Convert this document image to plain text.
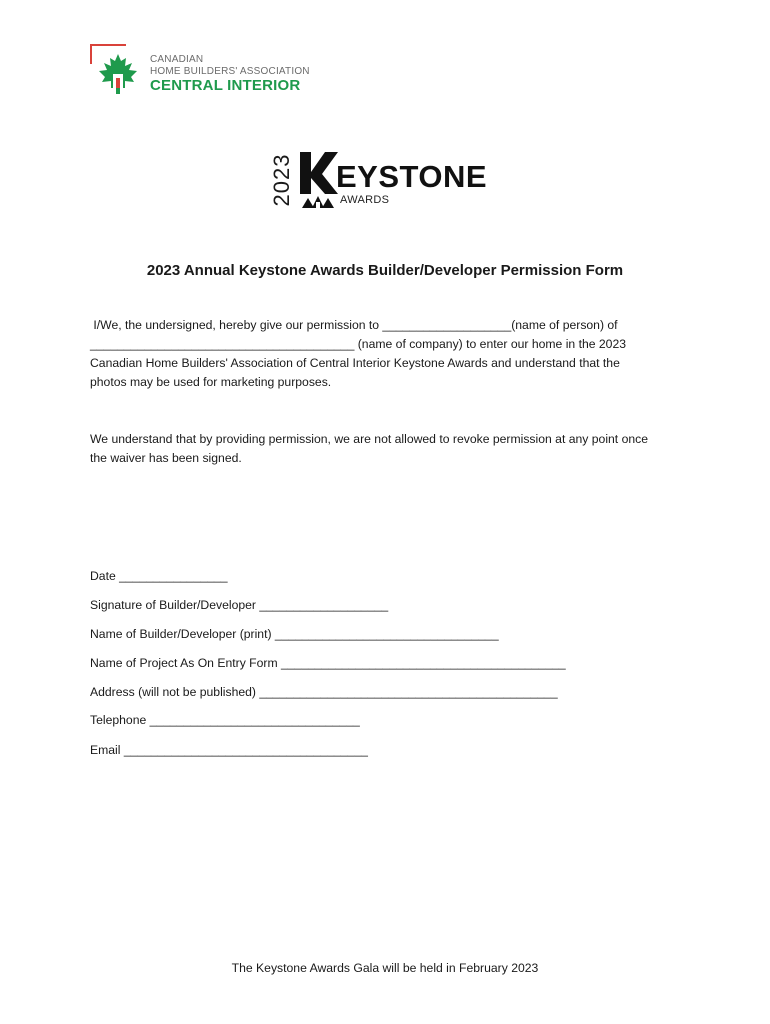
CANADIAN
HOME BUILDERS' ASSOCIATION
CENTRAL INTERIOR
2023 EYSTONE
AWARDS
2023 Annual Keystone Awards Builder/Developer Permission Form
I/We, the undersigned, hereby give our permission to ___________________(name of person) of
_______________________________________ (name of company) to enter our home in the 2023
Canadian Home Builders' Association of Central Interior Keystone Awards and understand that the
photos may be used for marketing purposes.
We understand that by providing permission, we are not allowed to revoke permission at any point once
the waiver has been signed.
Date ________________
Signature of Builder/Developer ___________________
Name of Builder/Developer (print) _________________________________
Name of Project As On Entry Form __________________________________________
Address (will not be published) ____________________________________________
Telephone _______________________________
Email ____________________________________
The Keystone Awards Gala will be held in February 2023
